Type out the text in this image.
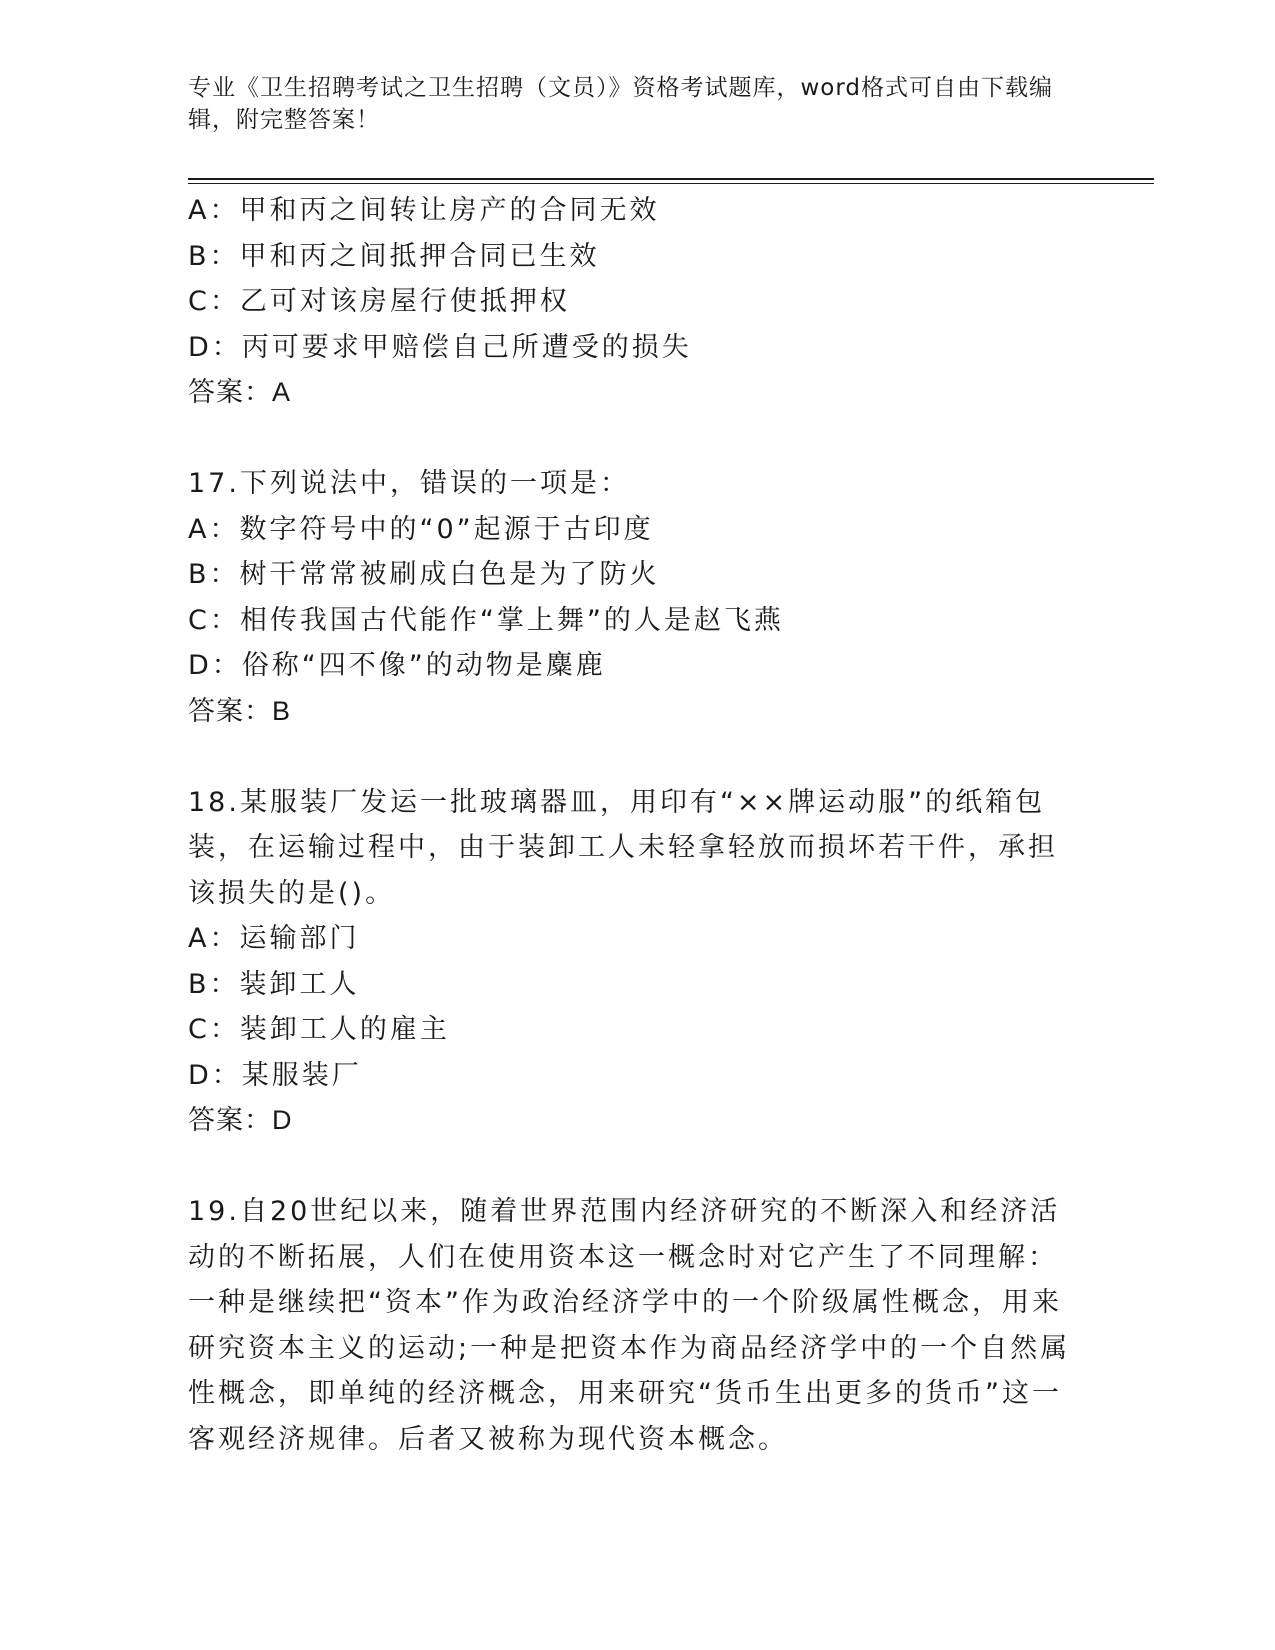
专业《卫生招聘考试之卫生招聘（文员）》资格考试题库，word格式可自由下载编辑，附完整答案！
A：甲和丙之间转让房产的合同无效
B：甲和丙之间抵押合同已生效
C：乙可对该房屋行使抵押权
D：丙可要求甲赔偿自己所遭受的损失
答案：A
17.下列说法中，错误的一项是：
A：数字符号中的“0”起源于古印度
B：树干常常被刷成白色是为了防火
C：相传我国古代能作“掌上舞”的人是赵飞燕
D：俗称“四不像”的动物是麋鹿
答案：B
18.某服装厂发运一批玻璃器皿，用印有“××牌运动服”的纸箱包装，在运输过程中，由于装卸工人未轻拿轻放而损坏若干件，承担该损失的是()。
A：运输部门
B：装卸工人
C：装卸工人的雇主
D：某服装厂
答案：D
19.自20世纪以来，随着世界范围内经济研究的不断深入和经济活动的不断拓展，人们在使用资本这一概念时对它产生了不同理解：一种是继续把“资本”作为政治经济学中的一个阶级属性概念，用来研究资本主义的运动;一种是把资本作为商品经济学中的一个自然属性概念，即单纯的经济概念，用来研究“货币生出更多的货币”这一客观经济规律。后者又被称为现代资本概念。
